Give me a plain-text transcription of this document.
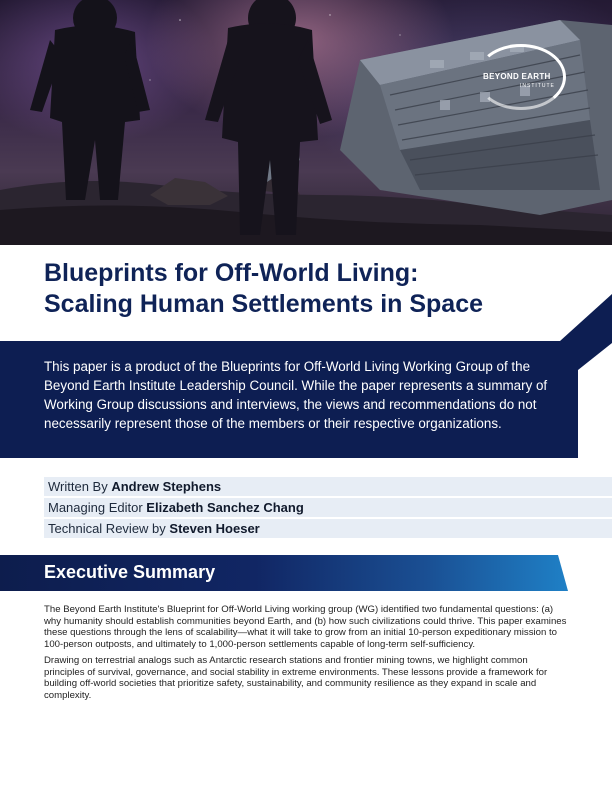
BEYOND EARTH
INSTITUTE
Blueprints for Off-World Living:
Scaling Human Settlements in Space

This paper is a product of the Blueprints for Off-World Living Working Group of the Beyond Earth Institute Leadership Council. While the paper represents a summary of Working Group discussions and interviews, the views and recommendations do not necessarily represent those of the members or their respective organizations.

Written By Andrew Stephens
Managing Editor Elizabeth Sanchez Chang
Technical Review by Steven Hoeser
Executive Summary

The Beyond Earth Institute's Blueprint for Off-World Living working group (WG) identified two fundamental questions: (a) why humanity should establish communities beyond Earth, and (b) how such civilizations could thrive. This paper examines these questions through the lens of scalability—what it will take to grow from an initial 10-person expeditionary mission to 100-person outposts, and ultimately to 1,000-person settlements capable of long-term self-sufficiency.

Drawing on terrestrial analogs such as Antarctic research stations and frontier mining towns, we highlight common principles of survival, governance, and social stability in extreme environments. These lessons provide a framework for building off-world societies that prioritize safety, sustainability, and community resilience as they expand in scale and complexity.
